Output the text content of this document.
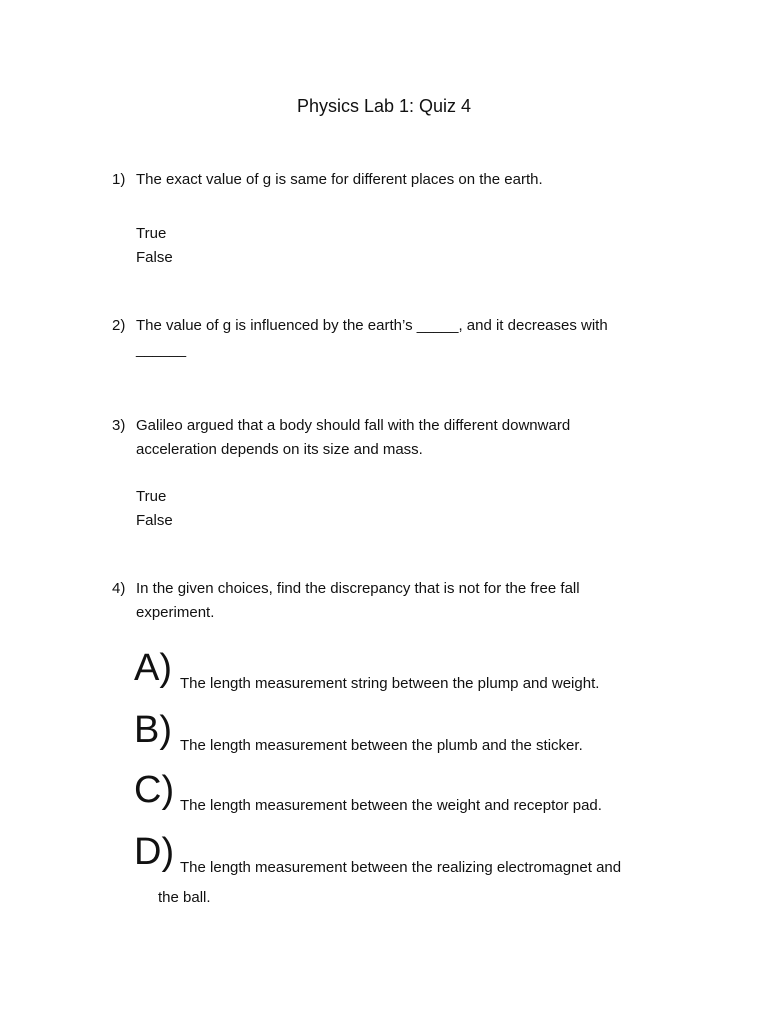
Physics Lab 1: Quiz 4
1) The exact value of g is same for different places on the earth.
True
False
2) The value of g is influenced by the earth’s _____, and it decreases with
______
3) Galileo argued that a body should fall with the different downward
acceleration depends on its size and mass.
True
False
4) In the given choices, find the discrepancy that is not for the free fall
experiment.
A) The length measurement string between the plump and weight.
B) The length measurement between the plumb and the sticker.
C) The length measurement between the weight and receptor pad.
D) The length measurement between the realizing electromagnet and
the ball.
